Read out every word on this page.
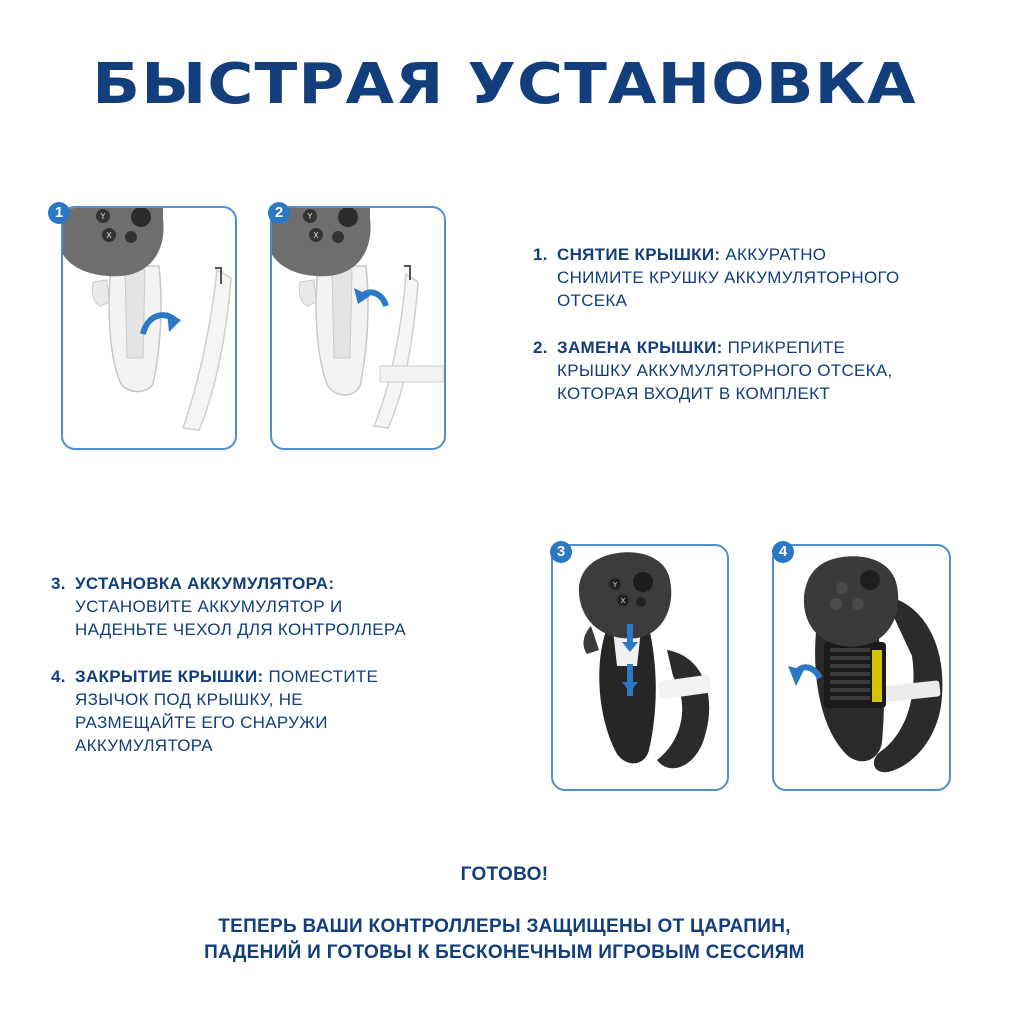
БЫСТРАЯ УСТАНОВКА
Y
X
1	Y
X
2
Y
X
3	4
1. СНЯТИЕ КРЫШКИ: АККУРАТНО
СНИМИТЕ КРУШКУ АККУМУЛЯТОРНОГО
ОТСЕКА
2. ЗАМЕНА КРЫШКИ: ПРИКРЕПИТЕ
КРЫШКУ АККУМУЛЯТОРНОГО ОТСЕКА,
КОТОРАЯ ВХОДИТ В КОМПЛЕКТ
3. УСТАНОВКА АККУМУЛЯТОРА:
УСТАНОВИТЕ АККУМУЛЯТОР И
НАДЕНЬТЕ ЧЕХОЛ ДЛЯ КОНТРОЛЛЕРА
4. ЗАКРЫТИЕ КРЫШКИ: ПОМЕСТИТЕ
ЯЗЫЧОК ПОД КРЫШКУ, НЕ
РАЗМЕЩАЙТЕ ЕГО СНАРУЖИ
АККУМУЛЯТОРА
ГОТОВО!
ТЕПЕРЬ ВАШИ КОНТРОЛЛЕРЫ ЗАЩИЩЕНЫ ОТ ЦАРАПИН,
ПАДЕНИЙ И ГОТОВЫ К БЕСКОНЕЧНЫМ ИГРОВЫМ СЕССИЯМ
